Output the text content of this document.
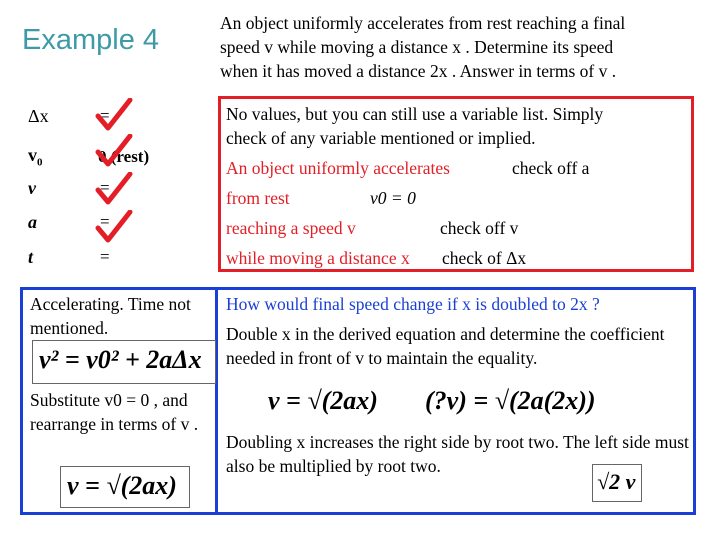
Example 4
An object uniformly accelerates from rest reaching a final
speed v while moving a distance x . Determine its speed
when it has moved a distance 2x . Answer in terms of v .
Δx	=
$v_0$	0 (rest)
v	=
a	=
t	=
No values, but you can still use a variable list. Simply
check of any variable mentioned or implied.
An object uniformly accelerates	check off a
from rest	v0 = 0
reaching a speed v	check off v
while moving a distance x check of Δx
Accelerating. Time not mentioned.
v² = v0² + 2aΔx
Substitute v0 = 0 , and rearrange in terms of v .
v = √(2ax)
How would final speed change if x is doubled to 2x ?
Double x in the derived equation and determine the coefficient needed in front of v to maintain the equality.
v = √(2ax) (?v) = √(2a(2x))
Doubling x increases the right side by root two. The left side must also be multiplied by root two.
√2 v
